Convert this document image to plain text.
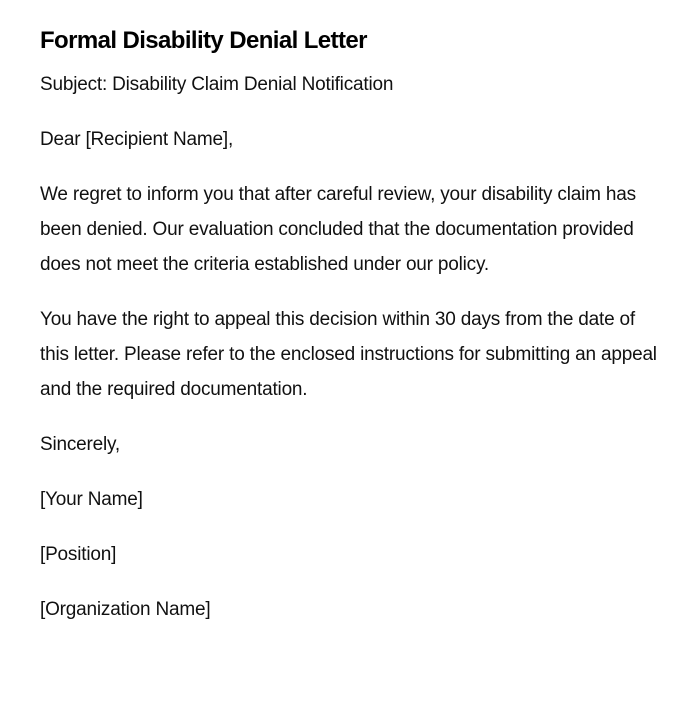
Formal Disability Denial Letter

Subject: Disability Claim Denial Notification

Dear [Recipient Name],

We regret to inform you that after careful review, your disability claim has been denied. Our evaluation concluded that the documentation provided does not meet the criteria established under our policy.

You have the right to appeal this decision within 30 days from the date of this letter. Please refer to the enclosed instructions for submitting an appeal and the required documentation.

Sincerely,

[Your Name]

[Position]

[Organization Name]
